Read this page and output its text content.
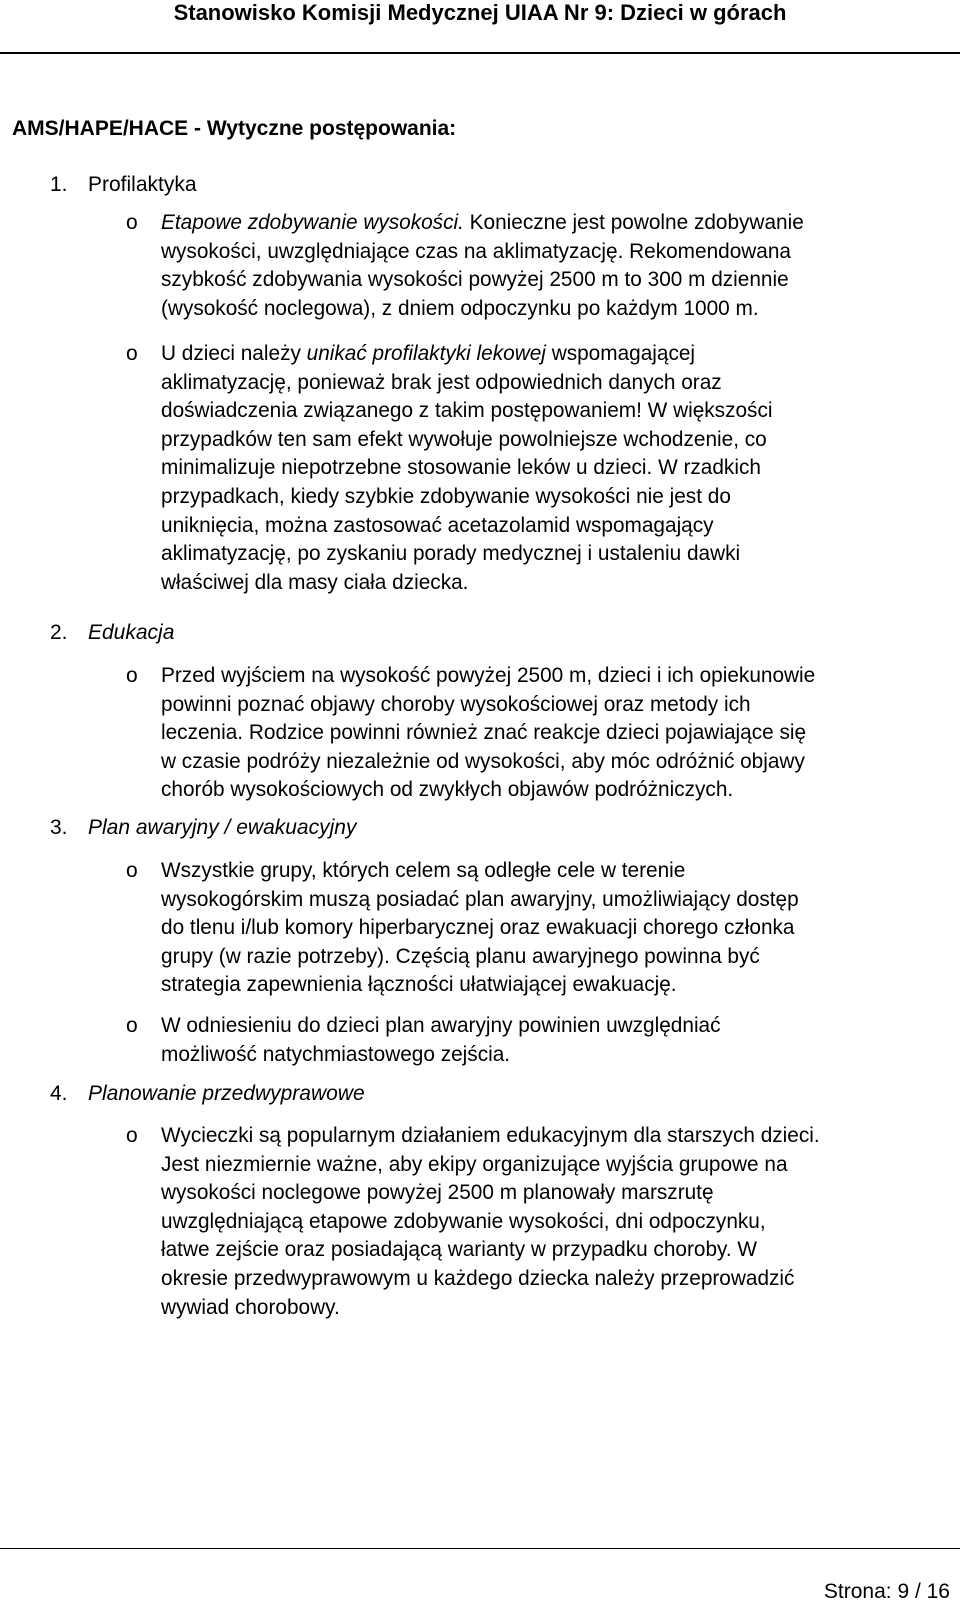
Stanowisko Komisji Medycznej UIAA Nr 9: Dzieci w górach
AMS/HAPE/HACE - Wytyczne postępowania:
1. Profilaktyka
o Etapowe zdobywanie wysokości. Konieczne jest powolne zdobywanie
wysokości, uwzględniające czas na aklimatyzację. Rekomendowana
szybkość zdobywania wysokości powyżej 2500 m to 300 m dziennie
(wysokość noclegowa), z dniem odpoczynku po każdym 1000 m.
o U dzieci należy unikać profilaktyki lekowej wspomagającej
aklimatyzację, ponieważ brak jest odpowiednich danych oraz
doświadczenia związanego z takim postępowaniem! W większości
przypadków ten sam efekt wywołuje powolniejsze wchodzenie, co
minimalizuje niepotrzebne stosowanie leków u dzieci. W rzadkich
przypadkach, kiedy szybkie zdobywanie wysokości nie jest do
uniknięcia, można zastosować acetazolamid wspomagający
aklimatyzację, po zyskaniu porady medycznej i ustaleniu dawki
właściwej dla masy ciała dziecka.
2. Edukacja
o Przed wyjściem na wysokość powyżej 2500 m, dzieci i ich opiekunowie
powinni poznać objawy choroby wysokościowej oraz metody ich
leczenia. Rodzice powinni również znać reakcje dzieci pojawiające się
w czasie podróży niezależnie od wysokości, aby móc odróżnić objawy
chorób wysokościowych od zwykłych objawów podróżniczych.
3. Plan awaryjny / ewakuacyjny
o Wszystkie grupy, których celem są odległe cele w terenie
wysokogórskim muszą posiadać plan awaryjny, umożliwiający dostęp
do tlenu i/lub komory hiperbarycznej oraz ewakuacji chorego członka
grupy (w razie potrzeby). Częścią planu awaryjnego powinna być
strategia zapewnienia łączności ułatwiającej ewakuację.
o W odniesieniu do dzieci plan awaryjny powinien uwzględniać
możliwość natychmiastowego zejścia.
4. Planowanie przedwyprawowe
o Wycieczki są popularnym działaniem edukacyjnym dla starszych dzieci.
Jest niezmiernie ważne, aby ekipy organizujące wyjścia grupowe na
wysokości noclegowe powyżej 2500 m planowały marszrutę
uwzględniającą etapowe zdobywanie wysokości, dni odpoczynku,
łatwe zejście oraz posiadającą warianty w przypadku choroby. W
okresie przedwyprawowym u każdego dziecka należy przeprowadzić
wywiad chorobowy.
Strona: 9 / 16
